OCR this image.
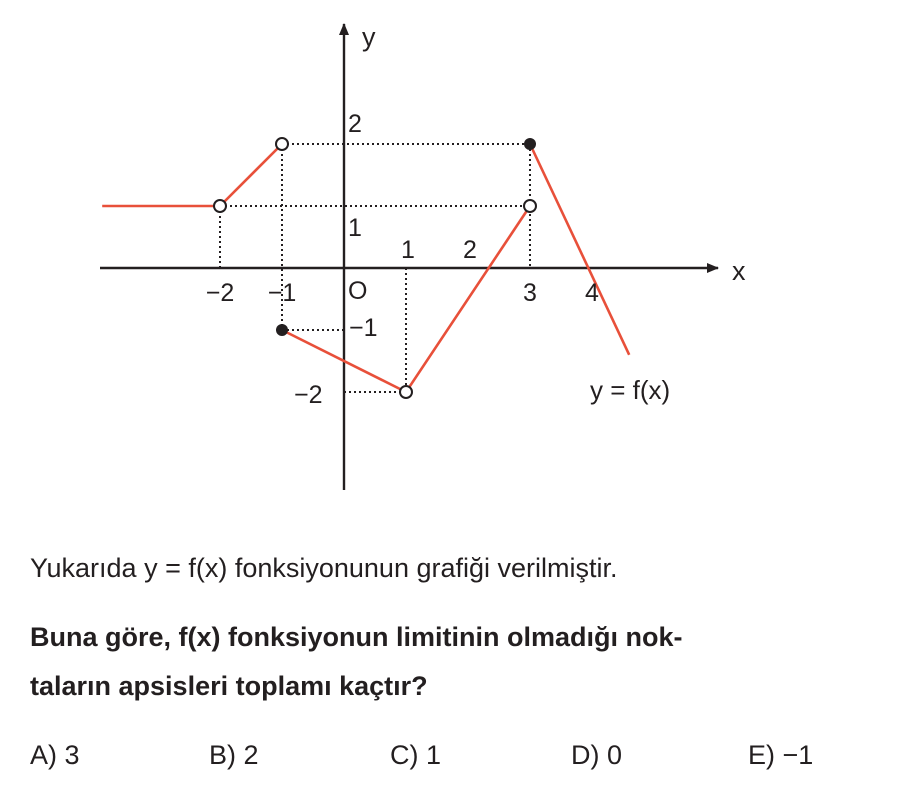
x
y
O
−2 −1
1 2
3 4
2
1
−1
−2	y = f(x)

Yukarıda y = f(x) fonksiyonunun grafiği verilmiştir.

Buna göre, f(x) fonksiyonun limitinin olmadığı nok-
taların apsisleri toplamı kaçtır?
A) 3	B) 2	C) 1	D) 0	E) −1
